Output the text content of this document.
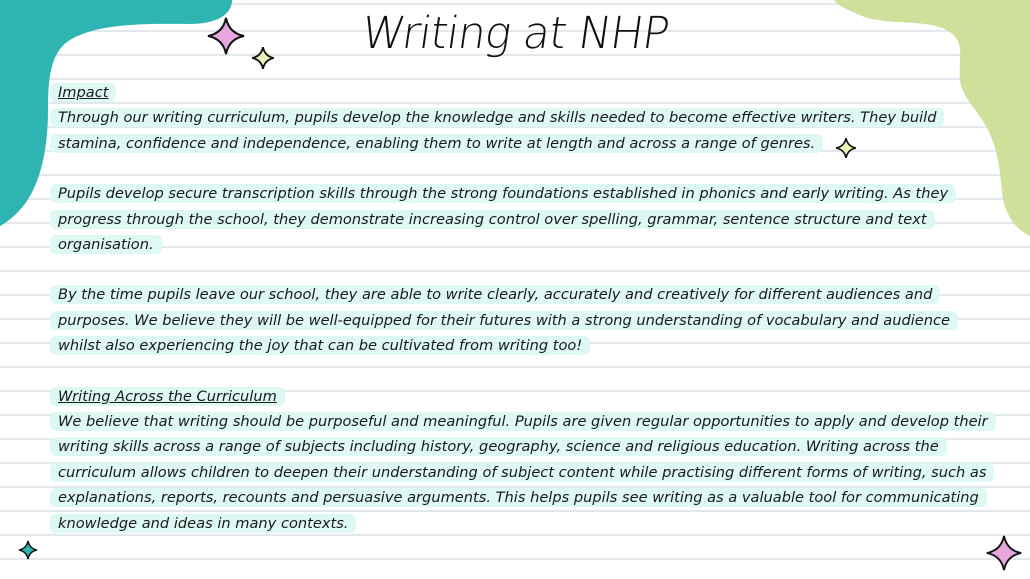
Writing at NHP
Impact

Through our writing curriculum, pupils develop the knowledge and skills needed to become effective writers. They build stamina, confidence and independence, enabling them to write at length and across a range of genres.

Pupils develop secure transcription skills through the strong foundations established in phonics and early writing. As they progress through the school, they demonstrate increasing control over spelling, grammar, sentence structure and text organisation.

By the time pupils leave our school, they are able to write clearly, accurately and creatively for different audiences and purposes. We believe they will be well-equipped for their futures with a strong understanding of vocabulary and audience whilst also experiencing the joy that can be cultivated from writing too!

Writing Across the Curriculum

We believe that writing should be purposeful and meaningful. Pupils are given regular opportunities to apply and develop their writing skills across a range of subjects including history, geography, science and religious education. Writing across the curriculum allows children to deepen their understanding of subject content while practising different forms of writing, such as explanations, reports, recounts and persuasive arguments. This helps pupils see writing as a valuable tool for communicating knowledge and ideas in many contexts.
